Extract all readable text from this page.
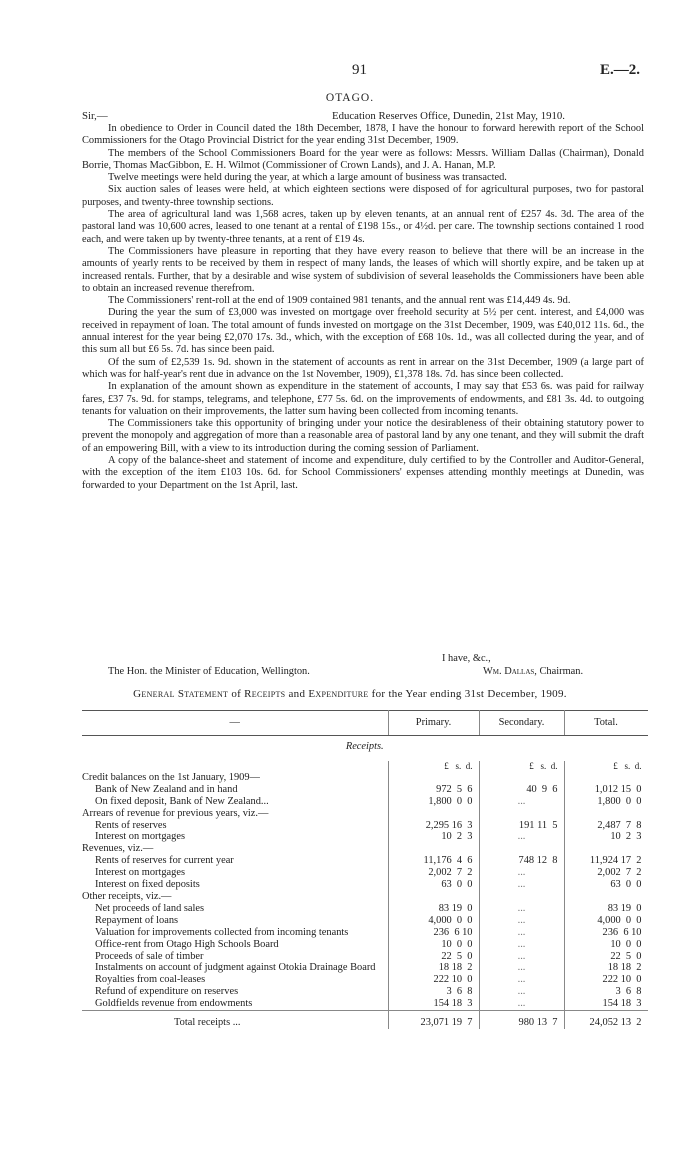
91	E.—2.
OTAGO.
Sir,—	Education Reserves Office, Dunedin, 21st May, 1910.

In obedience to Order in Council dated the 18th December, 1878, I have the honour to forward herewith report of the School Commissioners for the Otago Provincial District for the year ending 31st December, 1909.

The members of the School Commissioners Board for the year were as follows: Messrs. William Dallas (Chairman), Donald Borrie, Thomas MacGibbon, E. H. Wilmot (Commissioner of Crown Lands), and J. A. Hanan, M.P.

Twelve meetings were held during the year, at which a large amount of business was transacted.

Six auction sales of leases were held, at which eighteen sections were disposed of for agricultural purposes, two for pastoral purposes, and twenty-three township sections.

The area of agricultural land was 1,568 acres, taken up by eleven tenants, at an annual rent of £257 4s. 3d. The area of the pastoral land was 10,600 acres, leased to one tenant at a rental of £198 15s., or 4½d. per care. The township sections contained 1 rood each, and were taken up by twenty-three tenants, at a rent of £19 4s.

The Commissioners have pleasure in reporting that they have every reason to believe that there will be an increase in the amounts of yearly rents to be received by them in respect of many lands, the leases of which will shortly expire, and be taken up at increased rentals. Further, that by a desirable and wise system of subdivision of several leaseholds the Commissioners have been able to obtain an increased revenue therefrom.

The Commissioners' rent-roll at the end of 1909 contained 981 tenants, and the annual rent was £14,449 4s. 9d.

During the year the sum of £3,000 was invested on mortgage over freehold security at 5½ per cent. interest, and £4,000 was received in repayment of loan. The total amount of funds invested on mortgage on the 31st December, 1909, was £40,012 11s. 6d., the annual interest for the year being £2,070 17s. 3d., which, with the exception of £68 10s. 1d., was all collected during the year, and of this sum all but £6 5s. 7d. has since been paid.

Of the sum of £2,539 1s. 9d. shown in the statement of accounts as rent in arrear on the 31st December, 1909 (a large part of which was for half-year's rent due in advance on the 1st November, 1909), £1,378 18s. 7d. has since been collected.

In explanation of the amount shown as expenditure in the statement of accounts, I may say that £53 6s. was paid for railway fares, £37 7s. 9d. for stamps, telegrams, and telephone, £77 5s. 6d. on the improvements of endowments, and £81 3s. 4d. to outgoing tenants for valuation on their improvements, the latter sum having been collected from incoming tenants.

The Commissioners take this opportunity of bringing under your notice the desirableness of their obtaining statutory power to prevent the monopoly and aggregation of more than a reasonable area of pastoral land by any one tenant, and they will submit the draft of an empowering Bill, with a view to its introduction during the coming session of Parliament.

A copy of the balance-sheet and statement of income and expenditure, duly certified to by the Controller and Auditor-General, with the exception of the item £103 10s. 6d. for School Commissioners' expenses attending monthly meetings at Dunedin, was forwarded to your Department on the 1st April, last.

I have, &c.,
The Hon. the Minister of Education, Wellington.	Wm. Dallas, Chairman.
General Statement of Receipts and Expenditure for the Year ending 31st December, 1909.
—	Primary.	Secondary.	Total.
Receipts.			
	£ s. d.	£ s. d.	£ s. d.
Credit balances on the 1st January, 1909—			
Bank of New Zealand and in hand	972  5  6	40  9  6	1,012 15  0
On fixed deposit, Bank of New Zealand...	1,800  0  0	...	1,800  0  0
Arrears of revenue for previous years, viz.—			
Rents of reserves	2,295 16  3	191 11  5	2,487  7  8
Interest on mortgages	10  2  3	...	10  2  3
Revenues, viz.—			
Rents of reserves for current year	11,176  4  6	748 12  8	11,924 17  2
Interest on mortgages	2,002  7  2	...	2,002  7  2
Interest on fixed deposits	63  0  0	...	63  0  0
Other receipts, viz.—			
Net proceeds of land sales	83 19  0	...	83 19  0
Repayment of loans	4,000  0  0	...	4,000  0  0
Valuation for improvements collected from incoming tenants	236  6 10	...	236  6 10
Office-rent from Otago High Schools Board	10  0  0	...	10  0  0
Proceeds of sale of timber	22  5  0	...	22  5  0
Instalments on account of judgment against Otokia Drainage Board	18 18  2	...	18 18  2
Royalties from coal-leases	222 10  0	...	222 10  0
Refund of expenditure on reserves	3  6  8	...	3  6  8
Goldfields revenue from endowments	154 18  3	...	154 18  3
Total receipts ...	23,071 19  7	980 13  7	24,052 13  2
